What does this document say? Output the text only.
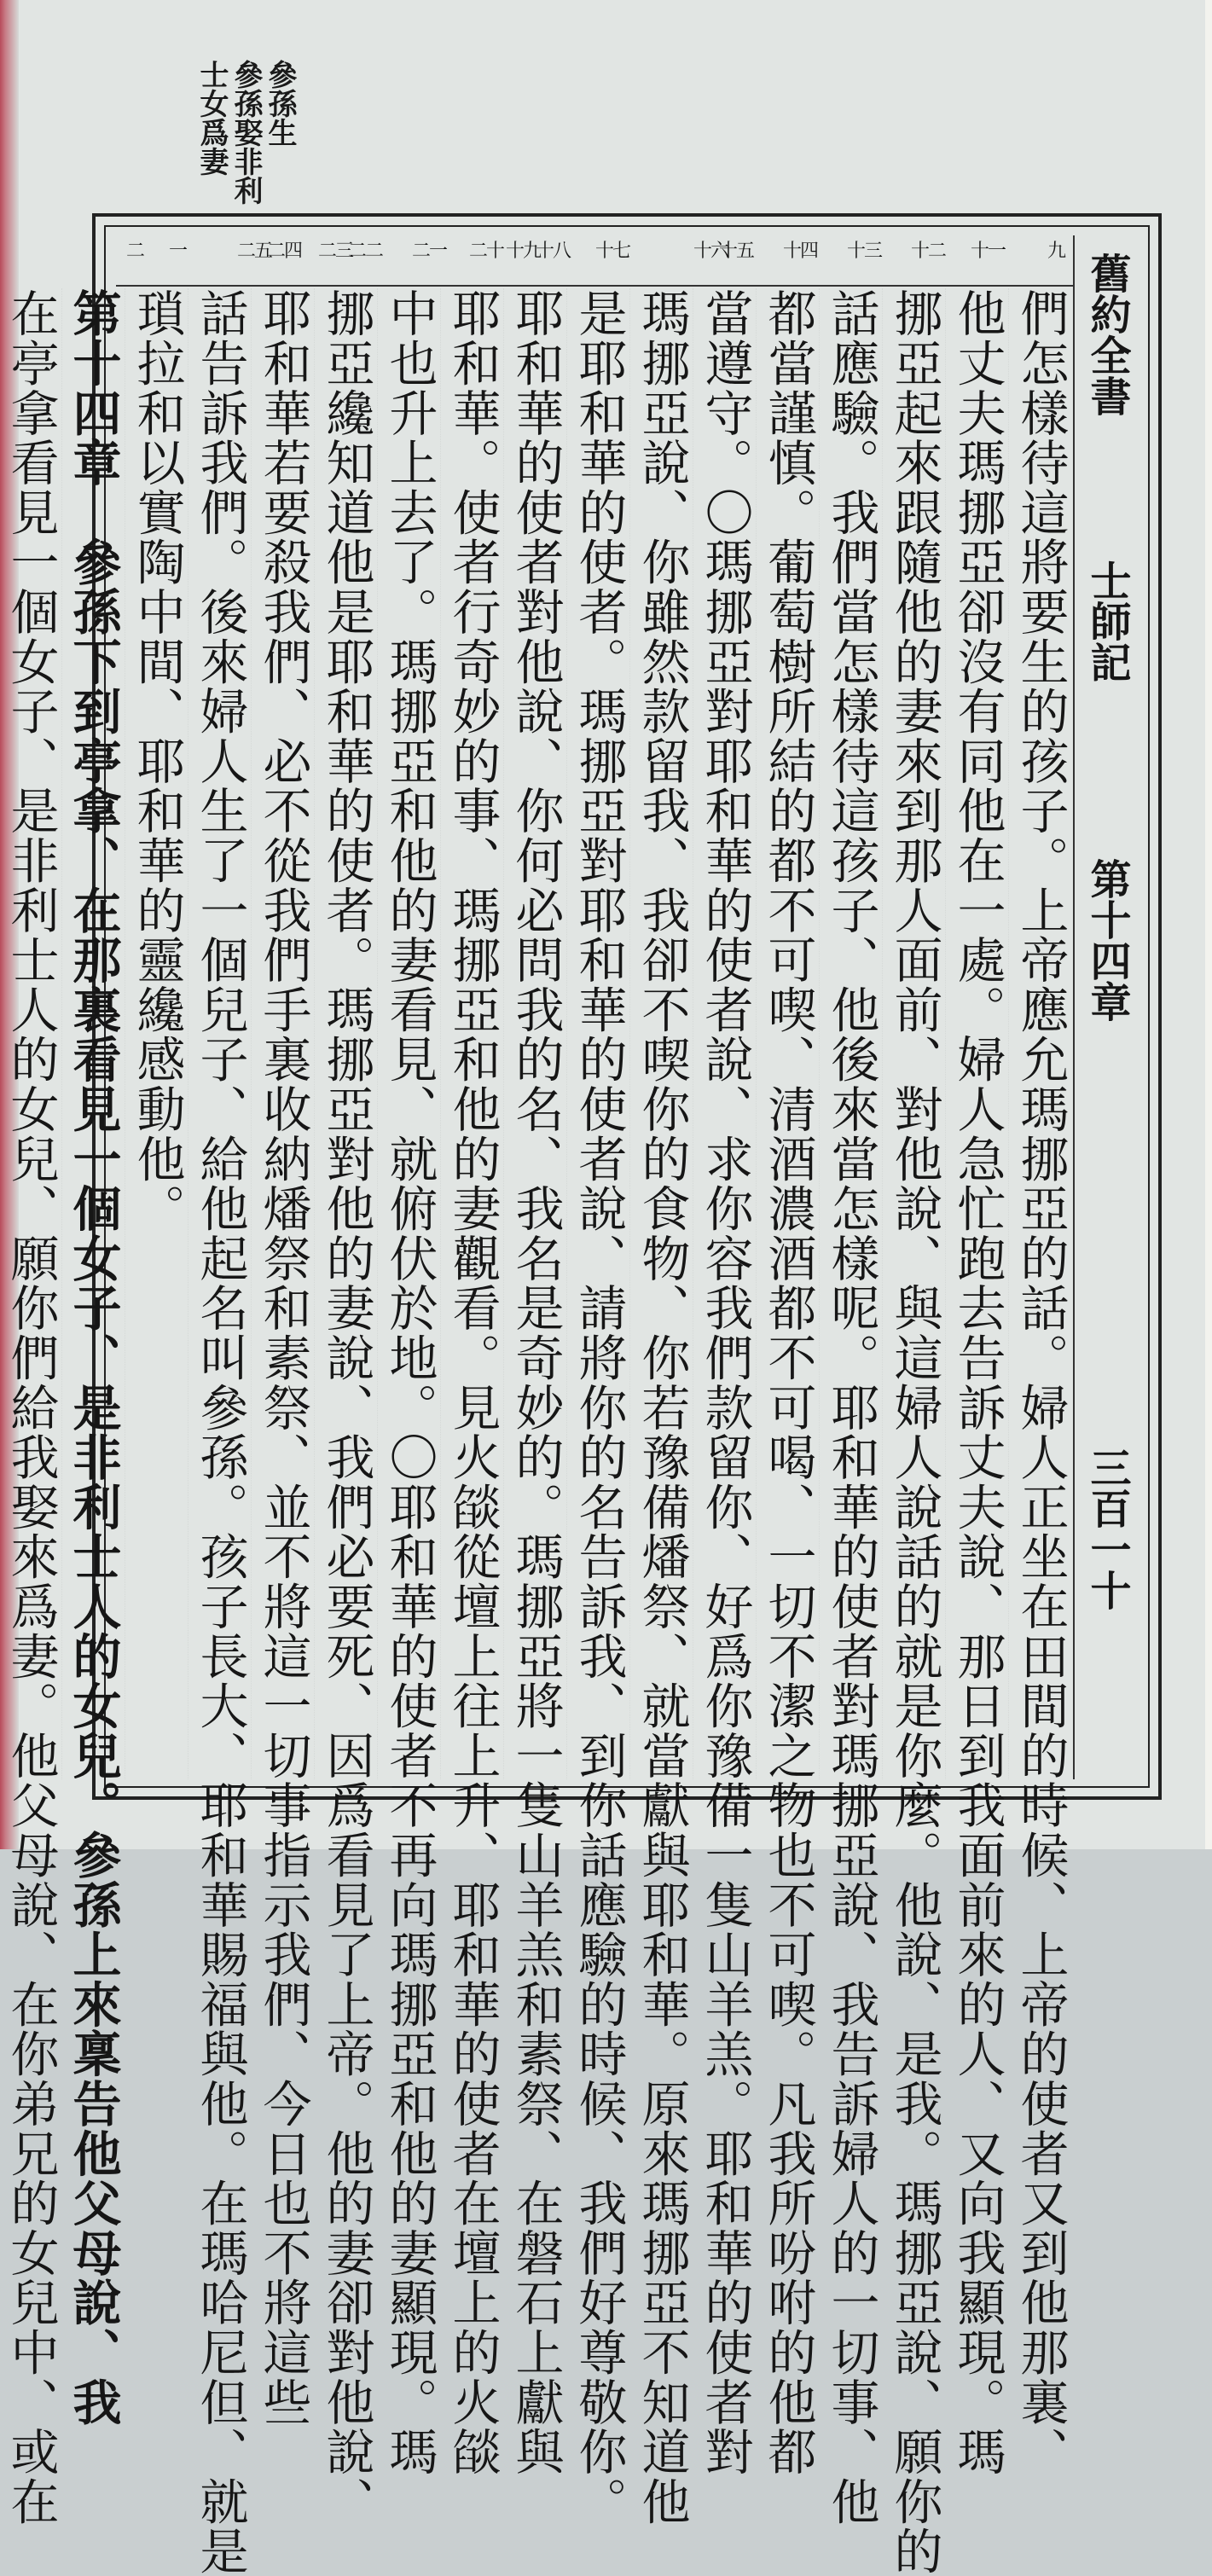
參孫生
參孫娶非利
士女爲妻
舊約全書
士師記
第十四章
三百一十
九
十一
十二
十三
十四
十五
十六
十七
十八
十九
二十
二一
二二
二三
二四
二五
一
二
們怎樣待這將要生的孩子。上帝應允瑪挪亞的話。婦人正坐在田間的時候、上帝的使者又到他那裏、
他丈夫瑪挪亞卻沒有同他在一處。婦人急忙跑去告訴丈夫說、那日到我面前來的人、又向我顯現。瑪
挪亞起來跟隨他的妻來到那人面前、對他說、與這婦人說話的就是你麼。他說、是我。瑪挪亞說、願你的
話應驗。我們當怎樣待這孩子、他後來當怎樣呢。耶和華的使者對瑪挪亞說、我告訴婦人的一切事、他
都當謹慎。葡萄樹所結的都不可喫、清酒濃酒都不可喝、一切不潔之物也不可喫。凡我所吩咐的他都
當遵守。〇瑪挪亞對耶和華的使者說、求你容我們款留你、好爲你豫備一隻山羊羔。耶和華的使者對
瑪挪亞說、你雖然款留我、我卻不喫你的食物、你若豫備燔祭、就當獻與耶和華。原來瑪挪亞不知道他
是耶和華的使者。瑪挪亞對耶和華的使者說、請將你的名告訴我、到你話應驗的時候、我們好尊敬你。
耶和華的使者對他說、你何必問我的名、我名是奇妙的。瑪挪亞將一隻山羊羔和素祭、在磐石上獻與
耶和華。使者行奇妙的事、瑪挪亞和他的妻觀看。見火燄從壇上往上升、耶和華的使者在壇上的火燄
中也升上去了。瑪挪亞和他的妻看見、就俯伏於地。〇耶和華的使者不再向瑪挪亞和他的妻顯現。瑪
挪亞纔知道他是耶和華的使者。瑪挪亞對他的妻說、我們必要死、因爲看見了上帝。他的妻卻對他說、
耶和華若要殺我們、必不從我們手裏收納燔祭和素祭、並不將這一切事指示我們、今日也不將這些
話告訴我們。後來婦人生了一個兒子、給他起名叫參孫。孩子長大、耶和華賜福與他。在瑪哈尼但、就是
瑣拉和以實陶中間、耶和華的靈纔感動他。
第十四章　參孫下到亭拿、在那裏看見一個女子、是非利士人的女兒。參孫上來稟告他父母說、我
在亭拿看見一個女子、是非利士人的女兒、願你們給我娶來爲妻。他父母說、在你弟兄的女兒中、或在
